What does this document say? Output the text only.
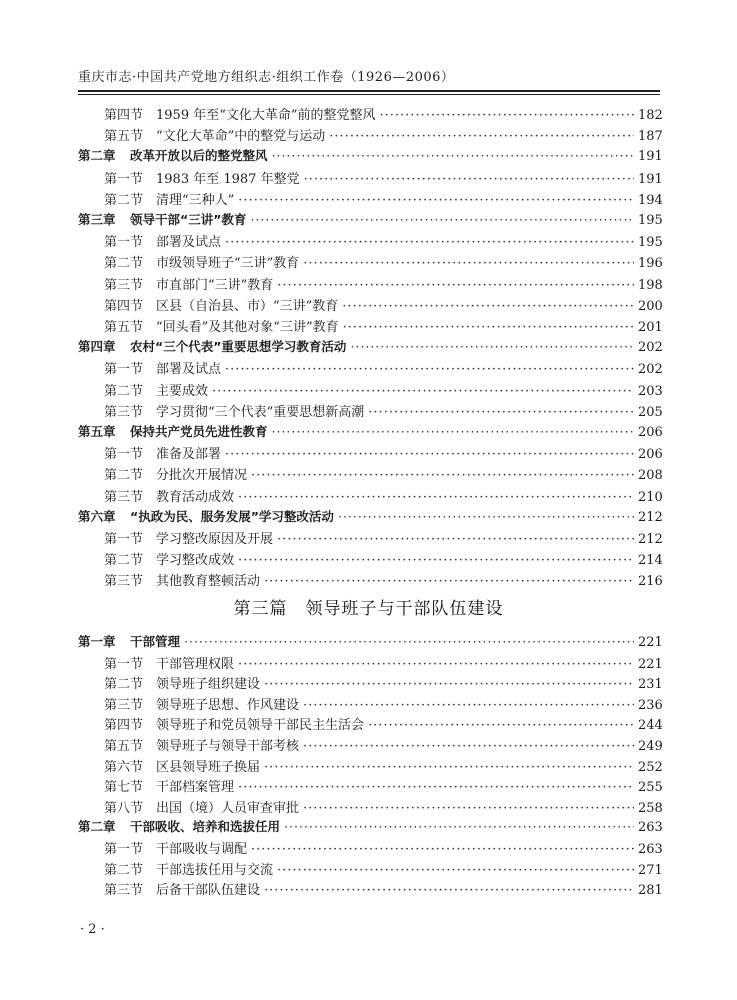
重庆市志·中国共产党地方组织志·组织工作卷（1926—2006）
第四节 1959 年至“文化大革命”前的整党整风 ·····	182
第五节 “文化大革命”中的整党与运动 ·····	187
第二章	改革开放以后的整党整风 ·····	191
第一节 1983 年至 1987 年整党 ·····	191
第二节 清理“三种人” ·····	194
第三章	领导干部“三讲”教育 ·····	195
第一节 部署及试点 ·····	195
第二节 市级领导班子“三讲”教育 ·····	196
第三节 市直部门“三讲”教育 ·····	198
第四节 区县（自治县、市）“三讲”教育 ·····	200
第五节 “回头看”及其他对象“三讲”教育 ·····	201
第四章	农村“三个代表”重要思想学习教育活动 ·····	202
第一节 部署及试点 ·····	202
第二节 主要成效 ·····	203
第三节 学习贯彻“三个代表”重要思想新高潮 ·····	205
第五章	保持共产党员先进性教育 ·····	206
第一节 准备及部署 ·····	206
第二节 分批次开展情况 ·····	208
第三节 教育活动成效 ·····	210
第六章	“执政为民、服务发展”学习整改活动 ·····	212
第一节 学习整改原因及开展 ·····	212
第二节 学习整改成效 ·····	214
第三节 其他教育整顿活动 ·····	216
第三篇　领导班子与干部队伍建设
第一章	干部管理 ·····	221
第一节 干部管理权限 ·····	221
第二节 领导班子组织建设 ·····	231
第三节 领导班子思想、作风建设 ·····	236
第四节 领导班子和党员领导干部民主生活会 ·····	244
第五节 领导班子与领导干部考核 ·····	249
第六节 区县领导班子换届 ·····	252
第七节 干部档案管理 ·····	255
第八节 出国（境）人员审查审批 ·····	258
第二章	干部吸收、培养和选拔任用 ·····	263
第一节 干部吸收与调配 ·····	263
第二节 干部选拔任用与交流 ·····	271
第三节 后备干部队伍建设 ·····	281
· 2 ·
